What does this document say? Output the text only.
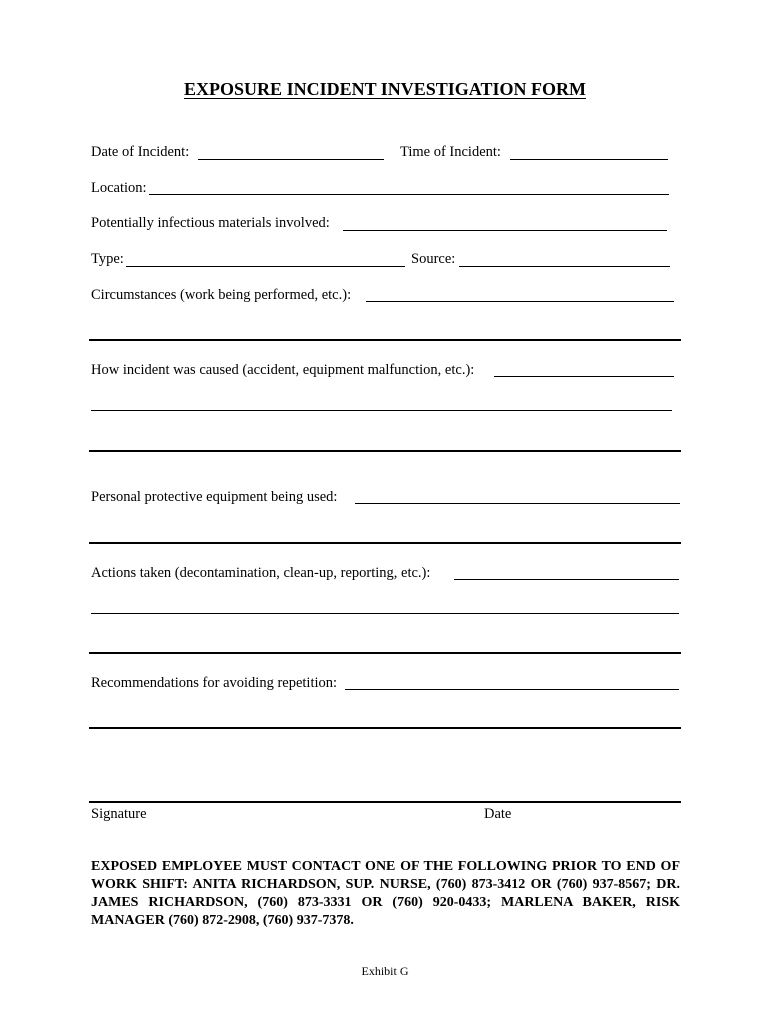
EXPOSURE INCIDENT INVESTIGATION FORM
Date of Incident:	Time of Incident:
Location:
Potentially infectious materials involved:
Type:	Source:
Circumstances (work being performed, etc.):
How incident was caused (accident, equipment malfunction, etc.):
Personal protective equipment being used:
Actions taken (decontamination, clean-up, reporting, etc.):
Recommendations for avoiding repetition:
Signature	Date
EXPOSED EMPLOYEE MUST CONTACT ONE OF THE FOLLOWING PRIOR TO END OF WORK SHIFT: ANITA RICHARDSON, SUP. NURSE, (760) 873-3412 OR (760) 937-8567; DR. JAMES RICHARDSON, (760) 873-3331 OR (760) 920-0433; MARLENA BAKER, RISK MANAGER (760) 872-2908, (760) 937-7378.
Exhibit G
